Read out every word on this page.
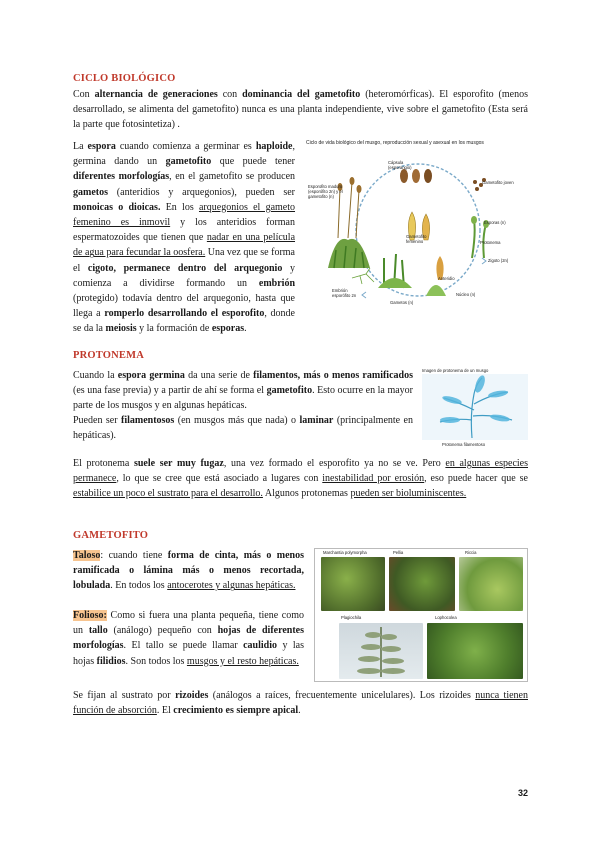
CICLO BIOLÓGICO
Con alternancia de generaciones con dominancia del gametofito (heteromórficas). El esporofito (menos desarrollado, se alimenta del gametofito) nunca es una planta independiente, vive sobre el gametofito (Esta será la parte que fotosintetiza) .
La espora cuando comienza a germinar es haploide, germina dando un gametofito que puede tener diferentes morfologías, en el gametofito se producen gametos (anteridios y arquegonios), pueden ser monoicas o dioicas. En los arquegonios el gameto femenino es inmovil y los anteridios forman espermatozoides que tienen que nadar en una película de agua para fecundar la oosfera. Una vez que se forma el cigoto, permanece dentro del arquegonio y comienza a dividirse formando un embrión (protegido) todavía dentro del arquegonio, hasta que llega a romperlo desarrollando el esporofito, donde se da la meiosis y la formación de esporas.
Ciclo de vida biológico del musgo, reproducción sexual y asexual en los musgos
Esporofito maduro (esporófito 2n) y el gametofito (n)
Cápsula (esporangio)
Gametofito joven
Esporas (n)
Protonema
Gametofito femenino
Anteridio
Zigoto (2n)
Embrión esporófito 2n
Gametos (n)
Núcleo (n)
PROTONEMA
Cuando la espora germina da una serie de filamentos, más o menos ramificados (es una fase previa) y a partir de ahí se forma el gametofito. Esto ocurre en la mayor parte de los musgos y en algunas hepáticas.
Pueden ser filamentosos (en musgos más que nada) o laminar (principalmente en hepáticas).
Imagen de protonema de un musgo
Protonema filamentoso
El protonema suele ser muy fugaz, una vez formado el esporofito ya no se ve. Pero en algunas especies permanece, lo que se cree que está asociado a lugares con inestabilidad por erosión, eso puede hacer que se estabilice un poco el sustrato para el desarrollo. Algunos protonemas pueden ser bioluminiscentes.
GAMETOFITO
Taloso: cuando tiene forma de cinta, más o menos ramificada o lámina más o menos recortada, lobulada. En todos los antocerotes y algunas hepáticas.
Folioso: Como si fuera una planta pequeña, tiene como un tallo (análogo) pequeño con hojas de diferentes morfologías. El tallo se puede llamar caulidio y las hojas filidios. Son todos los musgos y el resto hepáticas.
Marchantia polymorpha	Pellia	Riccia
Plagiochila	Lophocolea
Se fijan al sustrato por rizoides (análogos a raíces, frecuentemente unicelulares). Los rizoides nunca tienen función de absorción. El crecimiento es siempre apical.
32
